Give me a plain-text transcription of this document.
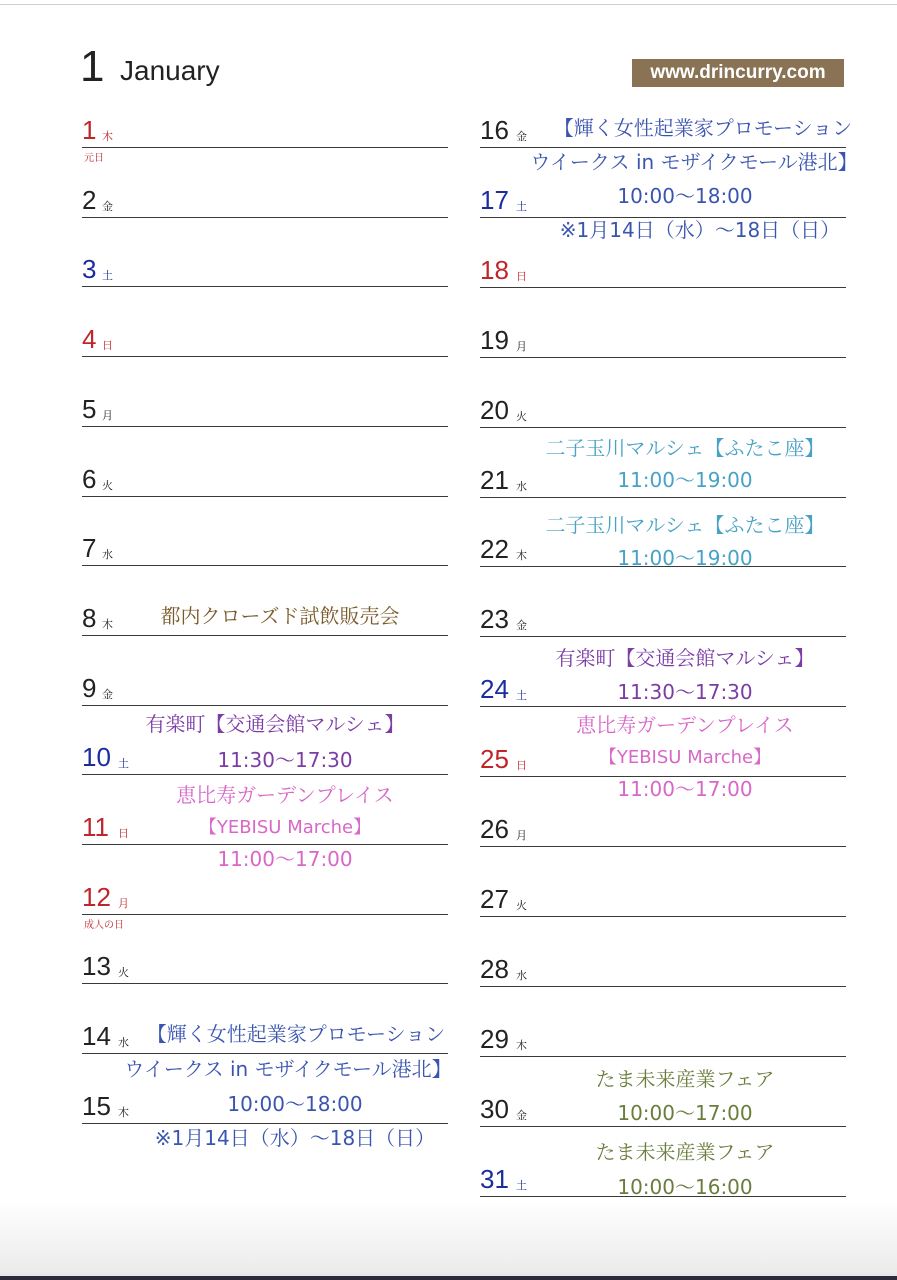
1 January	www.drincurry.com
1 木
元日
2 金
3 土
4 日
5 月
6 火
7 水
8 木
9 金
10 土
11 日
12 月
成人の日
13 火
14 水
15 木
16 金
17 土
18 日
19 月
20 火
21 水
22 木
23 金
24 土
25 日
26 月
27 火
28 水
29 木
30 金
31 土
都内クローズド試飲販売会
有楽町【交通会館マルシェ】
11:30〜17:30
恵比寿ガーデンプレイス
【YEBISU Marche】
11:00〜17:00
【輝く女性起業家プロモーション
ウイークス in モザイクモール港北】
10:00〜18:00
※1月14日（水）〜18日（日）
【輝く女性起業家プロモーション
ウイークス in モザイクモール港北】
10:00〜18:00
※1月14日（水）〜18日（日）
二子玉川マルシェ【ふたこ座】
11:00〜19:00
二子玉川マルシェ【ふたこ座】
11:00〜19:00
有楽町【交通会館マルシェ】
11:30〜17:30
恵比寿ガーデンプレイス
【YEBISU Marche】
11:00〜17:00
たま未来産業フェア
10:00〜17:00
たま未来産業フェア
10:00〜16:00
